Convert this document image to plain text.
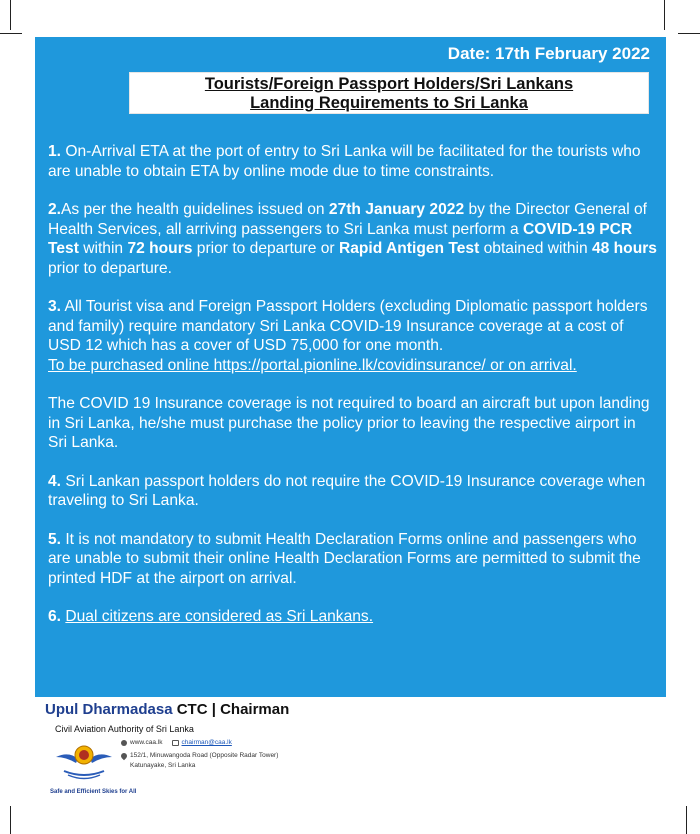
Date: 17th February 2022
Tourists/Foreign Passport Holders/Sri Lankans
Landing Requirements to Sri Lanka

1. On-Arrival ETA at the port of entry to Sri Lanka will be facilitated for the tourists who are unable to obtain ETA by online mode due to time constraints.

2.As per the health guidelines issued on 27th January 2022 by the Director General of Health Services, all arriving passengers to Sri Lanka must perform a COVID-19 PCR Test within 72 hours prior to departure or Rapid Antigen Test obtained within 48 hours prior to departure.

3. All Tourist visa and Foreign Passport Holders (excluding Diplomatic passport holders and family) require mandatory Sri Lanka COVID-19 Insurance coverage at a cost of USD 12 which has a cover of USD 75,000 for one month.
To be purchased online https://portal.pionline.lk/covidinsurance/ or on arrival.

The COVID 19 Insurance coverage is not required to board an aircraft but upon landing in Sri Lanka, he/she must purchase the policy prior to leaving the respective airport in Sri Lanka.

4. Sri Lankan passport holders do not require the COVID-19 Insurance coverage when traveling to Sri Lanka.

5. It is not mandatory to submit Health Declaration Forms online and passengers who are unable to submit their online Health Declaration Forms are permitted to submit the printed HDF at the airport on arrival.

6. Dual citizens are considered as Sri Lankans.

Upul Dharmadasa CTC | Chairman
Civil Aviation Authority of Sri Lanka
www.caa.lk	chairman@caa.lk
152/1, Minuwangoda Road (Opposite Radar Tower)
Katunayake, Sri Lanka
Safe and Efficient Skies for All
